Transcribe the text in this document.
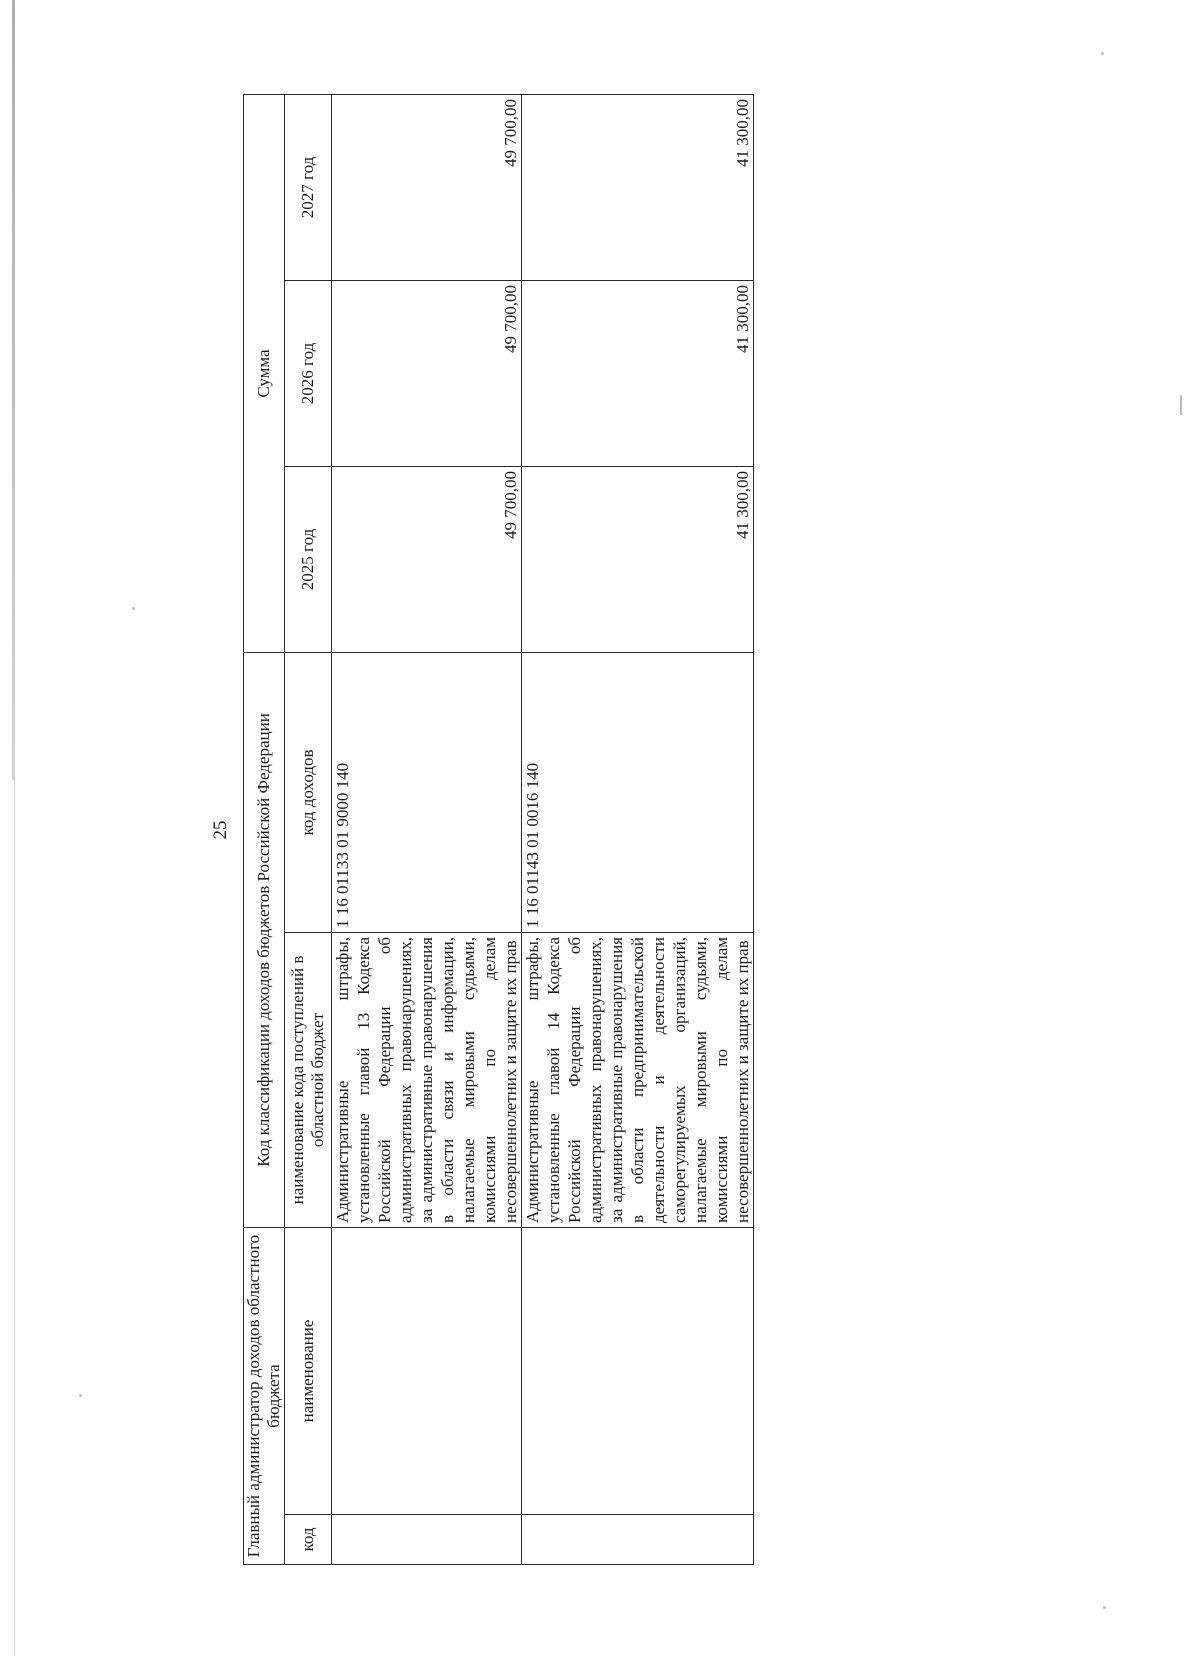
25
Главный администратор доходов областного бюджета		Код классификации доходов бюджетов Российской Федерации		Сумма		
код	наименование	наименование кода поступлений в областной бюджет	код доходов	2025 год	2026 год	2027 год
		Административные штрафы, установленные главой 13 Кодекса Российской Федерации об административных правонарушениях, за административные правонарушения в области связи и информации, налагаемые мировыми судьями, комиссиями по делам несовершеннолетних и защите их прав	1 16 01133 01 9000 140	49 700,00	49 700,00	49 700,00
		Административные штрафы, установленные главой 14 Кодекса Российской Федерации об административных правонарушениях, за административные правонарушения в области предпринимательской деятельности и деятельности саморегулируемых организаций, налагаемые мировыми судьями, комиссиями по делам несовершеннолетних и защите их прав	1 16 01143 01 0016 140	41 300,00	41 300,00	41 300,00
